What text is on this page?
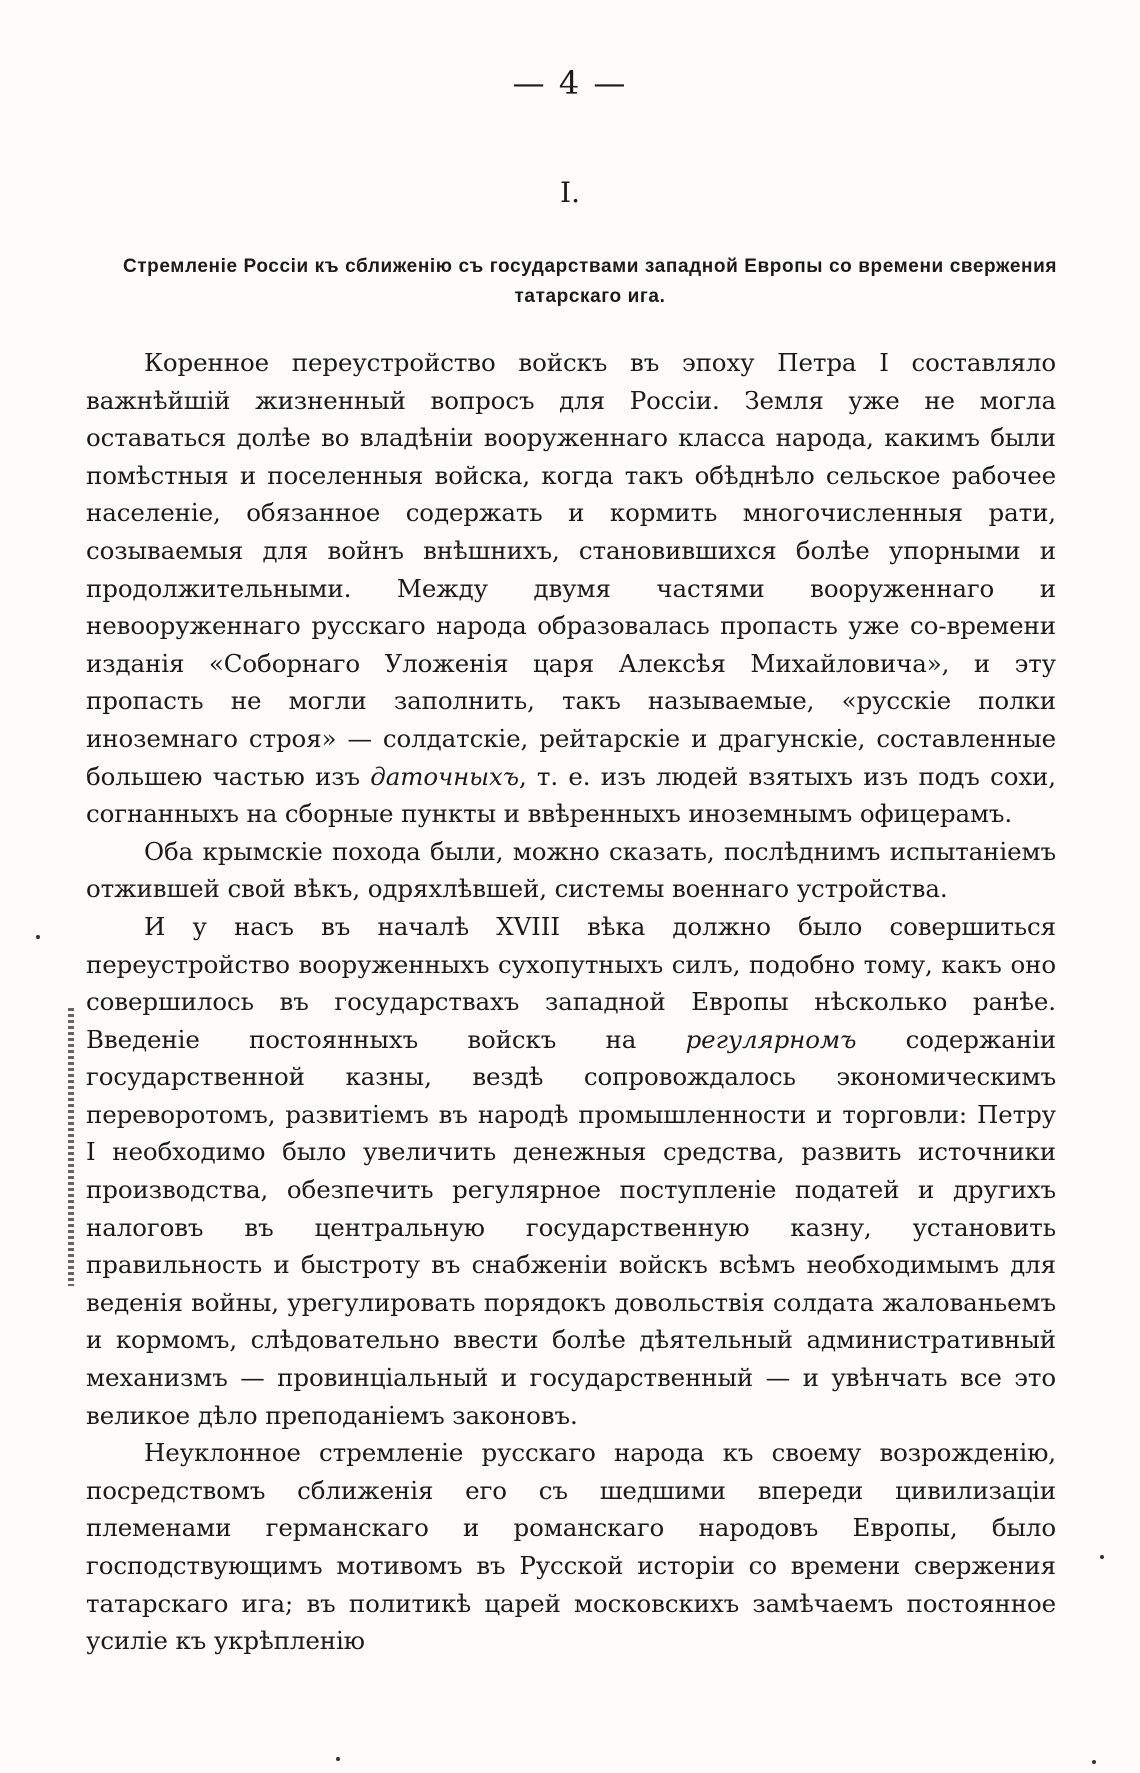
— 4 —
I.
Стремленіе Россіи къ сближенію съ государствами западной Европы со времени свержения татарскаго ига.

Коренное переустройство войскъ въ эпоху Петра I составляло важнѣйшій жизненный вопросъ для Россіи. Земля уже не могла оставаться долѣе во владѣніи вооруженнаго класса народа, какимъ были помѣстныя и поселенныя войска, когда такъ обѣднѣло сельское рабочее населеніе, обязанное содержать и кормить многочисленныя рати, созываемыя для войнъ внѣшнихъ, становившихся болѣе упорными и продолжительными. Между двумя частями вооруженнаго и невооруженнаго русскаго народа образовалась пропасть уже со-времени изданія «Соборнаго Уложенія царя Алексѣя Михайловича», и эту пропасть не могли заполнить, такъ называемые, «русскіе полки иноземнаго строя» — солдатскіе, рейтарскіе и драгунскіе, составленные большею частью изъ даточныхъ, т. е. изъ людей взятыхъ изъ подъ сохи, согнанныхъ на сборные пункты и ввѣренныхъ иноземнымъ офицерамъ.

Оба крымскіе похода были, можно сказать, послѣднимъ испытаніемъ отжившей свой вѣкъ, одряхлѣвшей, системы военнаго устройства.

И у насъ въ началѣ XVIII вѣка должно было совершиться переустройство вооруженныхъ сухопутныхъ силъ, подобно тому, какъ оно совершилось въ государствахъ западной Европы нѣсколько ранѣе. Введеніе постоянныхъ войскъ на регулярномъ содержаніи государственной казны, вездѣ сопровождалось экономическимъ переворотомъ, развитіемъ въ народѣ промышленности и торговли: Петру I необходимо было увеличить денежныя средства, развить источники производства, обезпечить регулярное поступленіе податей и другихъ налоговъ въ центральную государственную казну, установить правильность и быстроту въ снабженіи войскъ всѣмъ необходимымъ для веденія войны, урегулировать порядокъ довольствія солдата жалованьемъ и кормомъ, слѣдовательно ввести болѣе дѣятельный административный механизмъ — провинціальный и государственный — и увѣнчать все это великое дѣло преподаніемъ законовъ.

Неуклонное стремленіе русскаго народа къ своему возрожденію, посредствомъ сближенія его съ шедшими впереди цивилизаціи племенами германскаго и романскаго народовъ Европы, было господствующимъ мотивомъ въ Русской исторіи со времени свержения татарскаго ига; въ политикѣ царей московскихъ замѣчаемъ постоянное усиліе къ укрѣпленію
